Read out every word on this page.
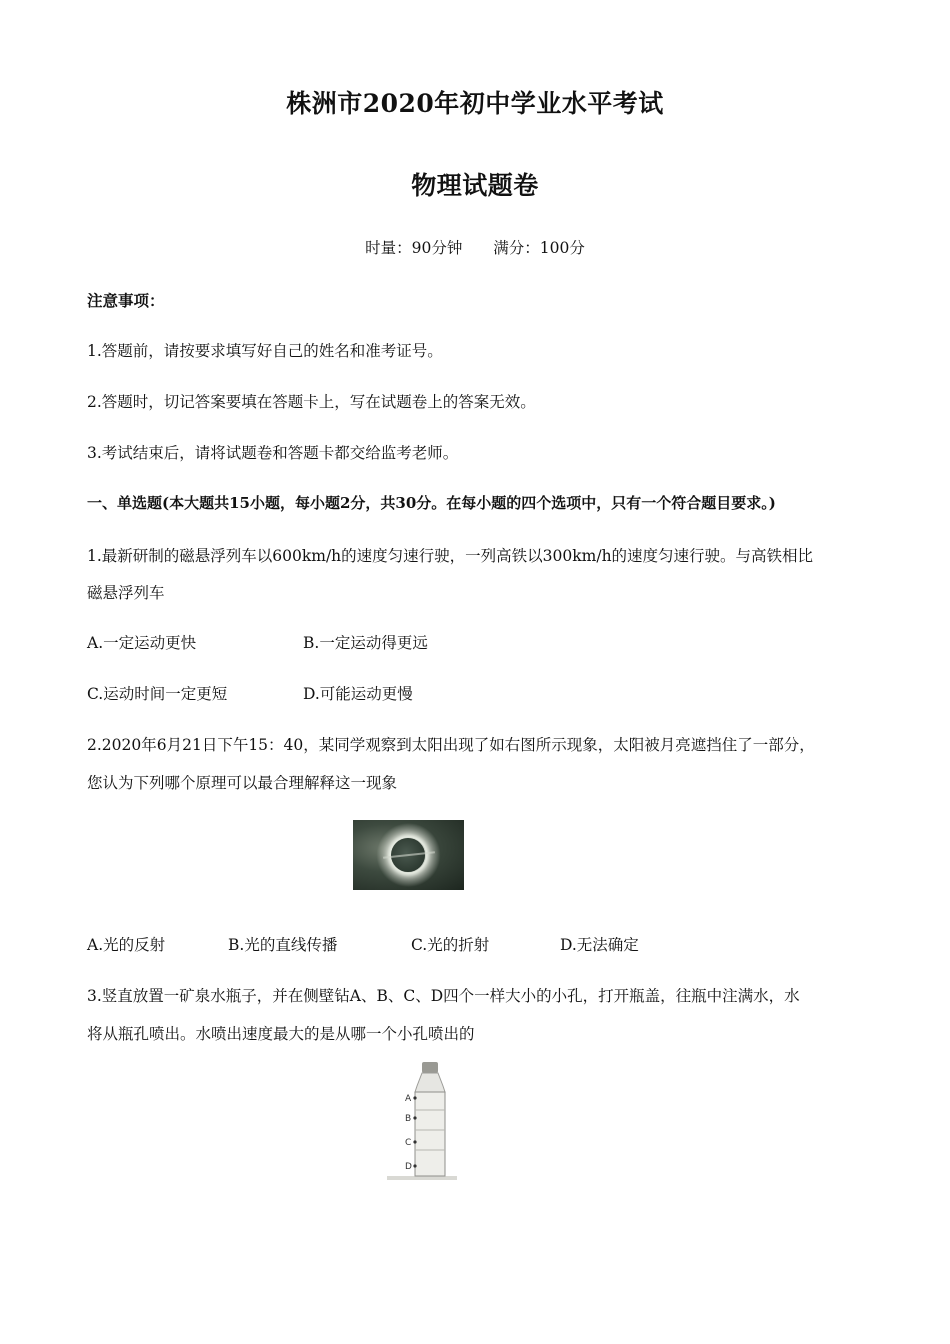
株洲市2020年初中学业水平考试
物理试题卷
时量：90分钟 满分：100分
注意事项：
1.答题前，请按要求填写好自己的姓名和准考证号。
2.答题时，切记答案要填在答题卡上，写在试题卷上的答案无效。
3.考试结束后，请将试题卷和答题卡都交给监考老师。
一、单选题(本大题共15小题，每小题2分，共30分。在每小题的四个选项中，只有一个符合题目要求。)
1.最新研制的磁悬浮列车以600km/h的速度匀速行驶，一列高铁以300km/h的速度匀速行驶。与高铁相比
磁悬浮列车
A.一定运动更快	B.一定运动得更远
C.运动时间一定更短	D.可能运动更慢
2.2020年6月21日下午15：40，某同学观察到太阳出现了如右图所示现象，太阳被月亮遮挡住了一部分，
您认为下列哪个原理可以最合理解释这一现象
A.光的反射	B.光的直线传播	C.光的折射	D.无法确定
3.竖直放置一矿泉水瓶子，并在侧壁钻A、B、C、D四个一样大小的小孔，打开瓶盖，往瓶中注满水，水
将从瓶孔喷出。水喷出速度最大的是从哪一个小孔喷出的
A
B
C
D
